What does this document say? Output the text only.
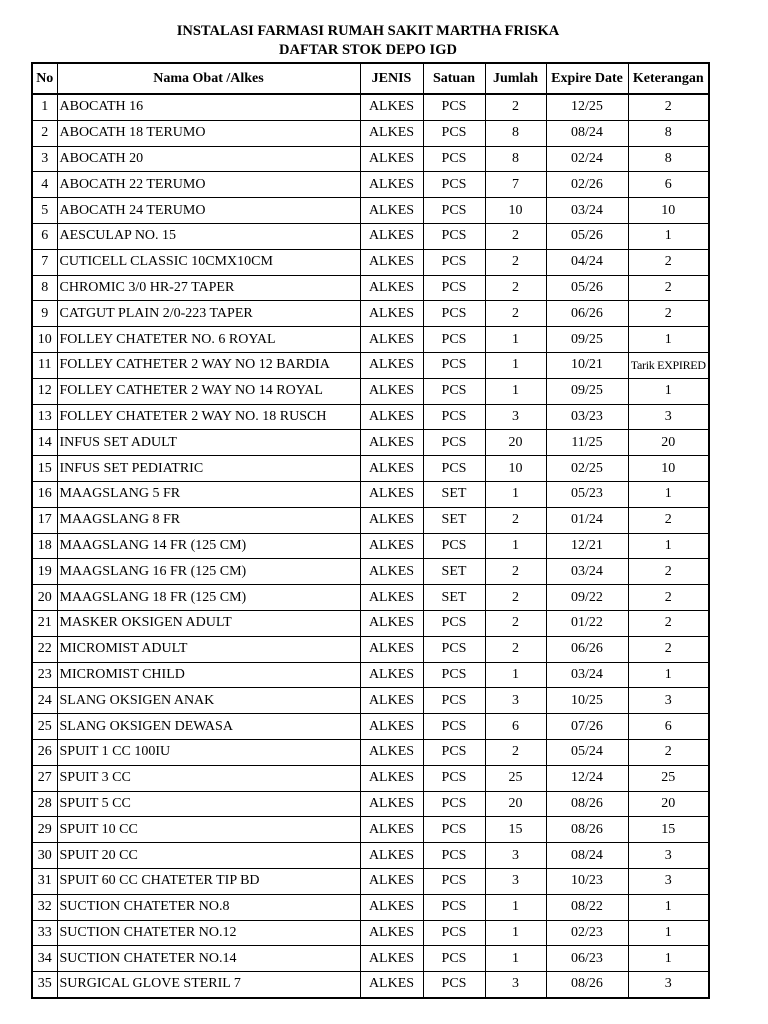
INSTALASI FARMASI RUMAH SAKIT MARTHA FRISKA
DAFTAR STOK DEPO IGD
No	Nama Obat /Alkes	JENIS	Satuan	Jumlah	Expire Date	Keterangan
1	ABOCATH 16	ALKES	PCS	2	12/25	2
2	ABOCATH 18 TERUMO	ALKES	PCS	8	08/24	8
3	ABOCATH 20	ALKES	PCS	8	02/24	8
4	ABOCATH 22 TERUMO	ALKES	PCS	7	02/26	6
5	ABOCATH 24 TERUMO	ALKES	PCS	10	03/24	10
6	AESCULAP NO. 15	ALKES	PCS	2	05/26	1
7	CUTICELL CLASSIC 10CMX10CM	ALKES	PCS	2	04/24	2
8	CHROMIC 3/0 HR-27 TAPER	ALKES	PCS	2	05/26	2
9	CATGUT PLAIN 2/0-223 TAPER	ALKES	PCS	2	06/26	2
10	FOLLEY CHATETER NO. 6 ROYAL	ALKES	PCS	1	09/25	1
11	FOLLEY CATHETER 2 WAY NO 12 BARDIA	ALKES	PCS	1	10/21	Tarik EXPIRED
12	FOLLEY CATHETER 2 WAY NO 14 ROYAL	ALKES	PCS	1	09/25	1
13	FOLLEY CHATETER 2 WAY NO. 18 RUSCH	ALKES	PCS	3	03/23	3
14	INFUS SET ADULT	ALKES	PCS	20	11/25	20
15	INFUS SET PEDIATRIC	ALKES	PCS	10	02/25	10
16	MAAGSLANG 5 FR	ALKES	SET	1	05/23	1
17	MAAGSLANG 8 FR	ALKES	SET	2	01/24	2
18	MAAGSLANG 14 FR (125 CM)	ALKES	PCS	1	12/21	1
19	MAAGSLANG 16 FR (125 CM)	ALKES	SET	2	03/24	2
20	MAAGSLANG 18 FR (125 CM)	ALKES	SET	2	09/22	2
21	MASKER OKSIGEN ADULT	ALKES	PCS	2	01/22	2
22	MICROMIST ADULT	ALKES	PCS	2	06/26	2
23	MICROMIST CHILD	ALKES	PCS	1	03/24	1
24	SLANG OKSIGEN ANAK	ALKES	PCS	3	10/25	3
25	SLANG OKSIGEN DEWASA	ALKES	PCS	6	07/26	6
26	SPUIT 1 CC 100IU	ALKES	PCS	2	05/24	2
27	SPUIT 3 CC	ALKES	PCS	25	12/24	25
28	SPUIT 5 CC	ALKES	PCS	20	08/26	20
29	SPUIT 10 CC	ALKES	PCS	15	08/26	15
30	SPUIT 20 CC	ALKES	PCS	3	08/24	3
31	SPUIT 60 CC CHATETER TIP BD	ALKES	PCS	3	10/23	3
32	SUCTION CHATETER NO.8	ALKES	PCS	1	08/22	1
33	SUCTION CHATETER NO.12	ALKES	PCS	1	02/23	1
34	SUCTION CHATETER NO.14	ALKES	PCS	1	06/23	1
35	SURGICAL GLOVE STERIL 7	ALKES	PCS	3	08/26	3
